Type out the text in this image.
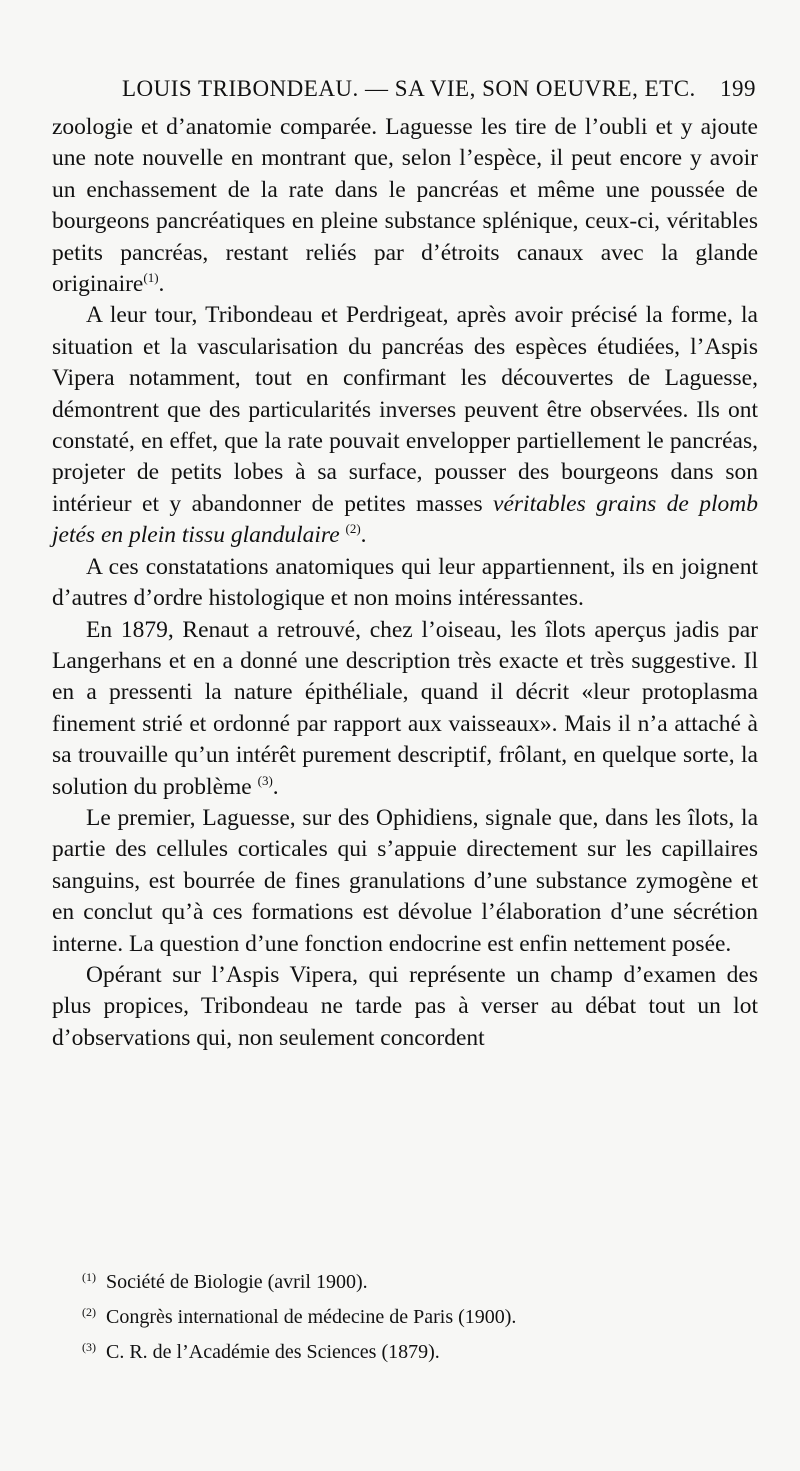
LOUIS TRIBONDEAU. — SA VIE, SON OEUVRE, ETC. 199

zoologie et d’anatomie comparée. Laguesse les tire de l’oubli et y ajoute une note nouvelle en montrant que, selon l’espèce, il peut encore y avoir un enchassement de la rate dans le pancréas et même une poussée de bourgeons pancréatiques en pleine substance splénique, ceux-ci, véritables petits pancréas, restant reliés par d’étroits canaux avec la glande originaire$^{(1)}$.

A leur tour, Tribondeau et Perdrigeat, après avoir précisé la forme, la situation et la vascularisation du pancréas des espèces étudiées, l’Aspis Vipera notamment, tout en confirmant les découvertes de Laguesse, démontrent que des particularités inverses peuvent être observées. Ils ont constaté, en effet, que la rate pouvait envelopper partiellement le pancréas, projeter de petits lobes à sa surface, pousser des bourgeons dans son intérieur et y abandonner de petites masses véritables grains de plomb jetés en plein tissu glandulaire $^{(2)}$.

A ces constatations anatomiques qui leur appartiennent, ils en joignent d’autres d’ordre histologique et non moins intéressantes.

En 1879, Renaut a retrouvé, chez l’oiseau, les îlots aperçus jadis par Langerhans et en a donné une description très exacte et très suggestive. Il en a pressenti la nature épithéliale, quand il décrit «leur protoplasma finement strié et ordonné par rapport aux vaisseaux». Mais il n’a attaché à sa trouvaille qu’un intérêt purement descriptif, frôlant, en quelque sorte, la solution du problème $^{(3)}$.

Le premier, Laguesse, sur des Ophidiens, signale que, dans les îlots, la partie des cellules corticales qui s’appuie directement sur les capillaires sanguins, est bourrée de fines granulations d’une substance zymogène et en conclut qu’à ces formations est dévolue l’élaboration d’une sécrétion interne. La question d’une fonction endocrine est enfin nettement posée.

Opérant sur l’Aspis Vipera, qui représente un champ d’examen des plus propices, Tribondeau ne tarde pas à verser au débat tout un lot d’observations qui, non seulement concordent

$^{(1)}$ Société de Biologie (avril 1900).
$^{(2)}$ Congrès international de médecine de Paris (1900).
$^{(3)}$ C. R. de l’Académie des Sciences (1879).
